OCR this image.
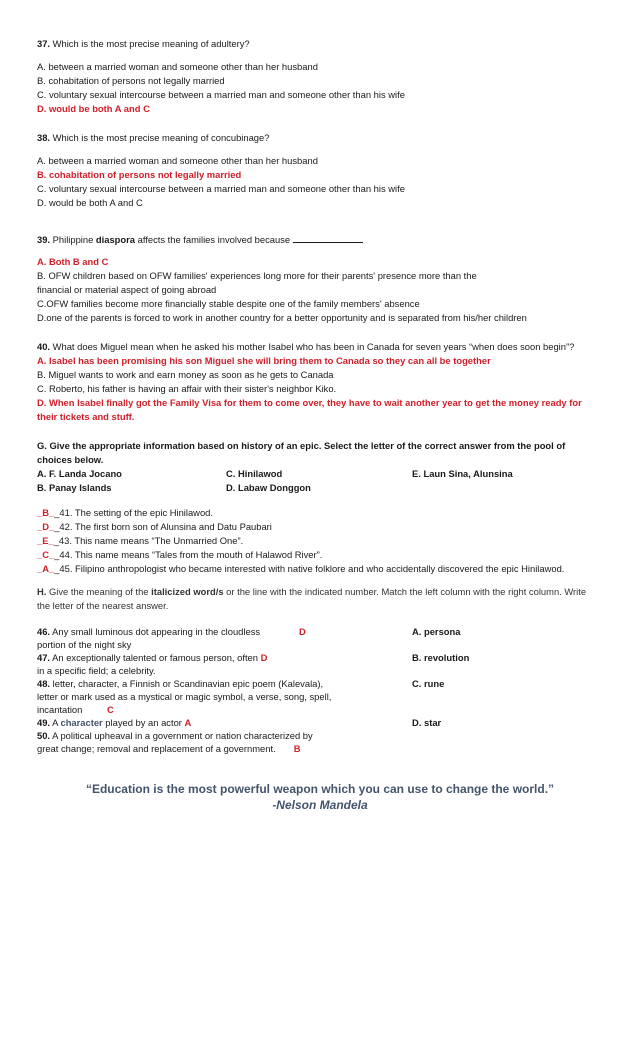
37. Which is the most precise meaning of adultery?
A. between a married woman and someone other than her husband
B. cohabitation of persons not legally married
C. voluntary sexual intercourse between a married man and someone other than his wife
D. would be both A and C
38. Which is the most precise meaning of concubinage?
A. between a married woman and someone other than her husband
B. cohabitation of persons not legally married
C. voluntary sexual intercourse between a married man and someone other than his wife
D. would be both A and C
39. Philippine diaspora affects the families involved because
A. Both B and C
B. OFW children based on OFW families' experiences long more for their parents' presence more than the
financial or material aspect of going abroad
C.OFW families become more financially stable despite one of the family members' absence
D.one of the parents is forced to work in another country for a better opportunity and is separated from his/her children
40. What does Miguel mean when he asked his mother Isabel who has been in Canada for seven years “when does soon begin”?
A. Isabel has been promising his son Miguel she will bring them to Canada so they can all be together
B. Miguel wants to work and earn money as soon as he gets to Canada
C. Roberto, his father is having an affair with their sister's neighbor Kiko.
D. When Isabel finally got the Family Visa for them to come over, they have to wait another year to get the money ready for their tickets and stuff.
G. Give the appropriate information based on history of an epic. Select the letter of the correct answer from the pool of choices below.
A. F. Landa Jocano
B. Panay Islands
C. Hinilawod
D. Labaw Donggon
E. Laun Sina, Alunsina
_B__41. The setting of the epic Hinilawod.
_D__42. The first born son of Alunsina and Datu Paubari
_E__43. This name means “The Unmarried One”.
_C__44. This name means “Tales from the mouth of Halawod River”.
_A__45. Filipino anthropologist who became interested with native folklore and who accidentally discovered the epic Hinilawod.
H. Give the meaning of the italicized word/s or the line with the indicated number. Match the left column with the right column. Write the letter of the nearest answer.
46. Any small luminous dot appearing in the cloudless	D
portion of the night sky
47. An exceptionally talented or famous person, often D
in a specific field; a celebrity.
48. letter, character, a Finnish or Scandinavian epic poem (Kalevala),
letter or mark used as a mystical or magic symbol, a verse, song, spell,
incantation	C
49. A character played by an actor A
50. A political upheaval in a government or nation characterized by
great change; removal and replacement of a government. B
A. persona
B. revolution
C. rune
D. star
“Education is the most powerful weapon which you can use to change the world.”
-Nelson Mandela
